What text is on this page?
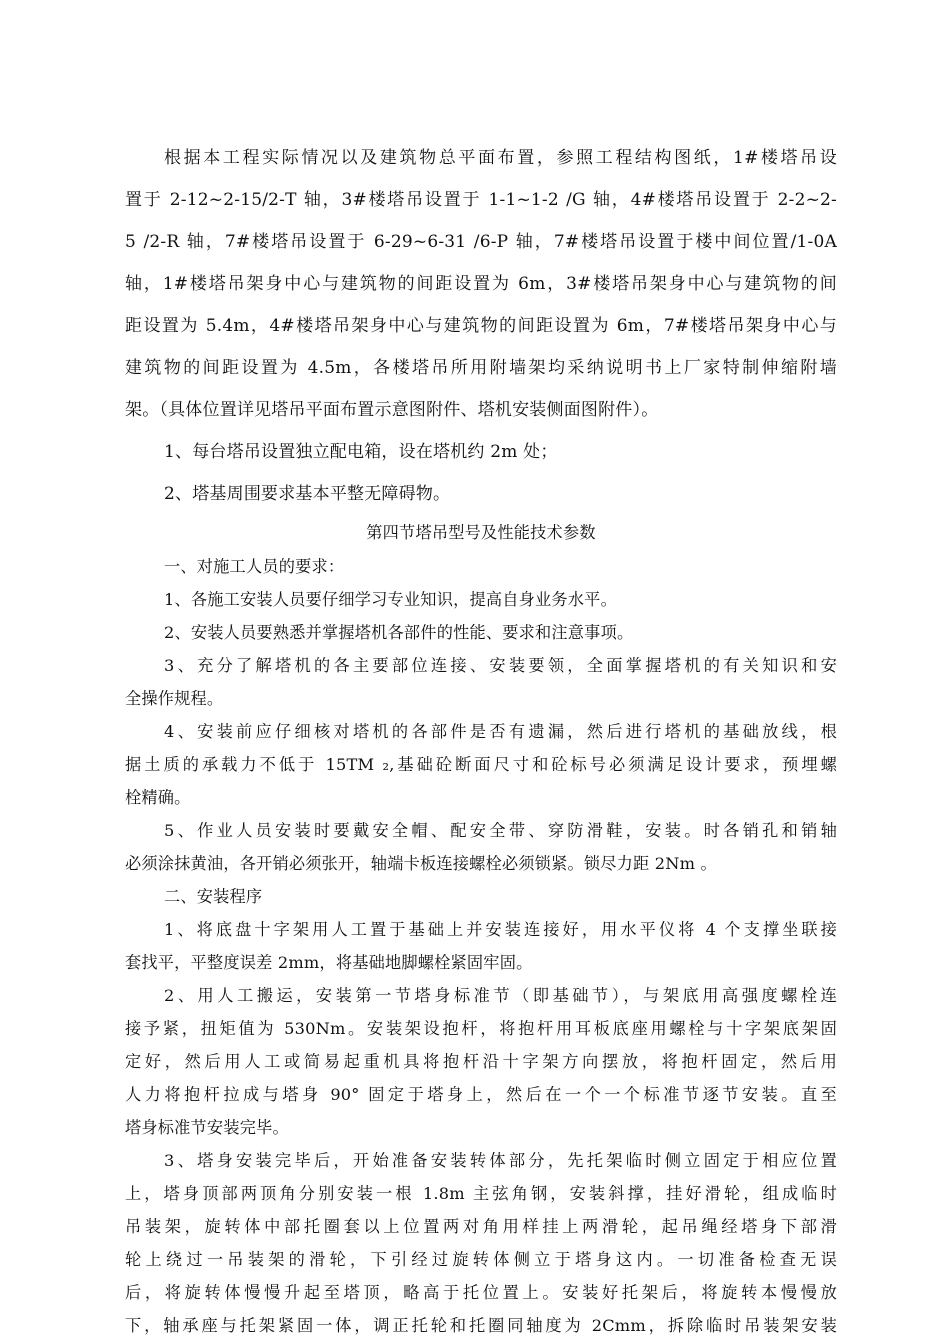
根据本工程实际情况以及建筑物总平面布置，参照工程结构图纸，1#楼塔吊设
置于 2-12~2-15/2-T 轴，3#楼塔吊设置于 1-1~1-2 /G 轴，4#楼塔吊设置于 2-2~2-
5 /2-R 轴，7#楼塔吊设置于 6-29~6-31 /6-P 轴，7#楼塔吊设置于楼中间位置/1-0A
轴，1#楼塔吊架身中心与建筑物的间距设置为 6m，3#楼塔吊架身中心与建筑物的间
距设置为 5.4m，4#楼塔吊架身中心与建筑物的间距设置为 6m，7#楼塔吊架身中心与
建筑物的间距设置为 4.5m，各楼塔吊所用附墙架均采纳说明书上厂家特制伸缩附墙
架。（具体位置详见塔吊平面布置示意图附件、塔机安装侧面图附件）。
1、每台塔吊设置独立配电箱，设在塔机约 2m 处；
2、塔基周围要求基本平整无障碍物。
第四节塔吊型号及性能技术参数
一、对施工人员的要求：
1、各施工安装人员要仔细学习专业知识，提高自身业务水平。
2、安装人员要熟悉并掌握塔机各部件的性能、要求和注意事项。
3、充分了解塔机的各主要部位连接、安装要领，全面掌握塔机的有关知识和安
全操作规程。
4、安装前应仔细核对塔机的各部件是否有遗漏，然后进行塔机的基础放线，根
据土质的承载力不低于 15TM ₂,基础砼断面尺寸和砼标号必须满足设计要求，预埋螺
栓精确。
5、作业人员安装时要戴安全帽、配安全带、穿防滑鞋，安装。时各销孔和销轴
必须涂抹黄油，各开销必须张开，轴端卡板连接螺栓必须锁紧。锁尽力距 2Nm 。
二、安装程序
1、将底盘十字架用人工置于基础上并安装连接好，用水平仪将 4 个支撑坐联接
套找平，平整度误差 2mm，将基础地脚螺栓紧固牢固。
2、用人工搬运，安装第一节塔身标准节（即基础节），与架底用高强度螺栓连
接予紧，扭矩值为 530Nm。安装架设抱杆，将抱杆用耳板底座用螺栓与十字架底架固
定好，然后用人工或简易起重机具将抱杆沿十字架方向摆放，将抱杆固定，然后用
人力将抱杆拉成与塔身 90° 固定于塔身上，然后在一个一个标准节逐节安装。直至
塔身标准节安装完毕。
3、塔身安装完毕后，开始准备安装转体部分，先托架临时侧立固定于相应位置
上，塔身顶部两顶角分别安装一根 1.8m 主弦角钢，安装斜撑，挂好滑轮，组成临时
吊装架，旋转体中部托圈套以上位置两对角用样挂上两滑轮，起吊绳经塔身下部滑
轮上绕过一吊装架的滑轮，下引经过旋转体侧立于塔身这内。一切准备检查无误
后，将旋转体慢慢升起至塔顶，略高于托位置上。安装好托架后，将旋转本慢慢放
下，轴承座与托架紧固一体，调正托轮和托圈同轴度为 2Cmm，拆除临时吊装架安装
